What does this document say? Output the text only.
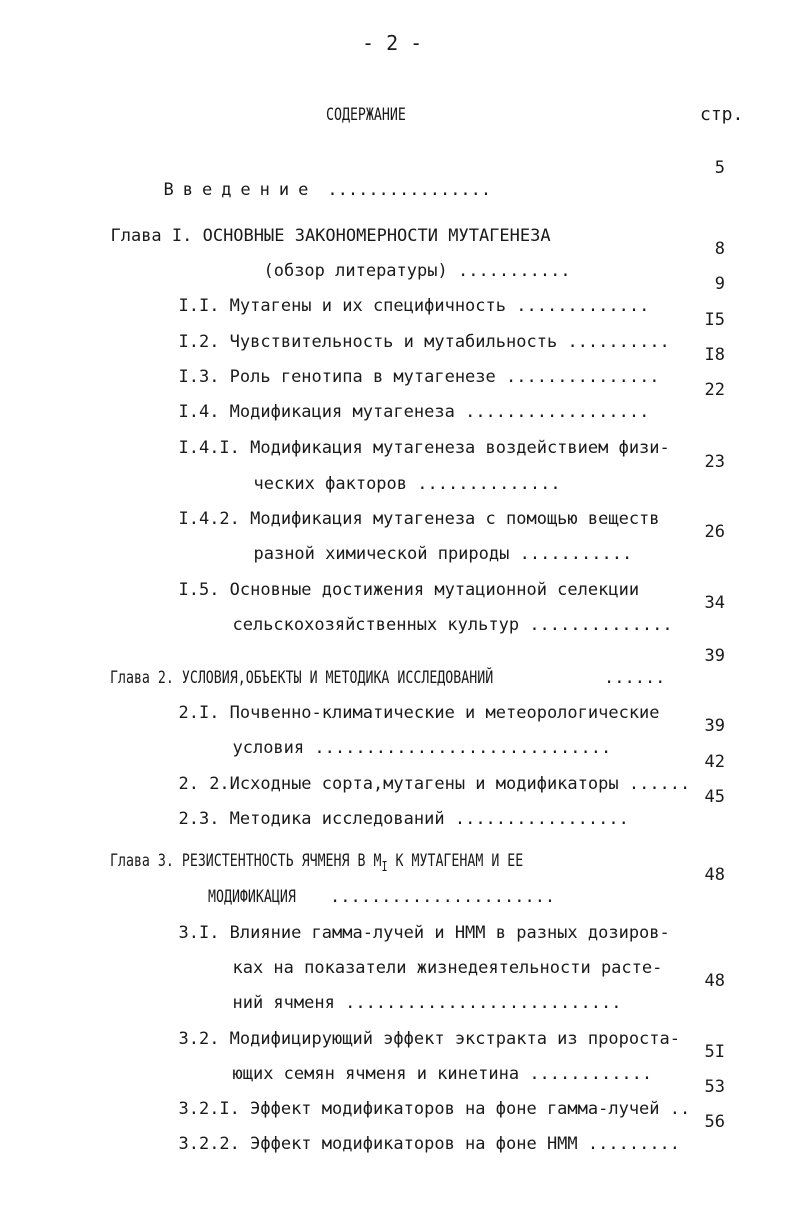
- 2 -
СОДЕРЖАНИЕ	стр.

Введение ................

5

Глава I. ОСНОВНЫЕ ЗАКОНОМЕРНОСТИ МУТАГЕНЕЗА

(обзор литературы) ...........

8

I.I. Мутагены и их специфичность .............

9

I.2. Чувствительность и мутабильность ..........

I5

I.3. Роль генотипа в мутагенезе ...............

I8

I.4. Модификация мутагенеза ..................

22

I.4.I. Модификация мутагенеза воздействием физи-

ческих факторов ..............

23

I.4.2. Модификация мутагенеза с помощью веществ

разной химической природы ...........

26

I.5. Основные достижения мутационной селекции

сельскохозяйственных культур ..............

34

Глава 2. УСЛОВИЯ,ОБЪЕКТЫ И МЕТОДИКА ИССЛЕДОВАНИЙ	......

39

2.I. Почвенно-климатические и метеорологические

условия .............................

39

2. 2.Исходные сорта,мутагены и модификаторы ......

42

2.3. Методика исследований .................

45

Глава 3. РЕЗИСТЕНТНОСТЬ ЯЧМЕНЯ В $M_I$ К МУТАГЕНАМ И ЕЕ

МОДИФИКАЦИЯ ......................

48

3.I. Влияние гамма-лучей и НММ в разных дозиров-

ках на показатели жизнедеятельности расте-

ний ячменя ...........................

48

3.2. Модифицирующий эффект экстракта из пророста-

ющих семян ячменя и кинетина ............

5I

3.2.I. Эффект модификаторов на фоне гамма-лучей ..

53

3.2.2. Эффект модификаторов на фоне НММ .........

56
